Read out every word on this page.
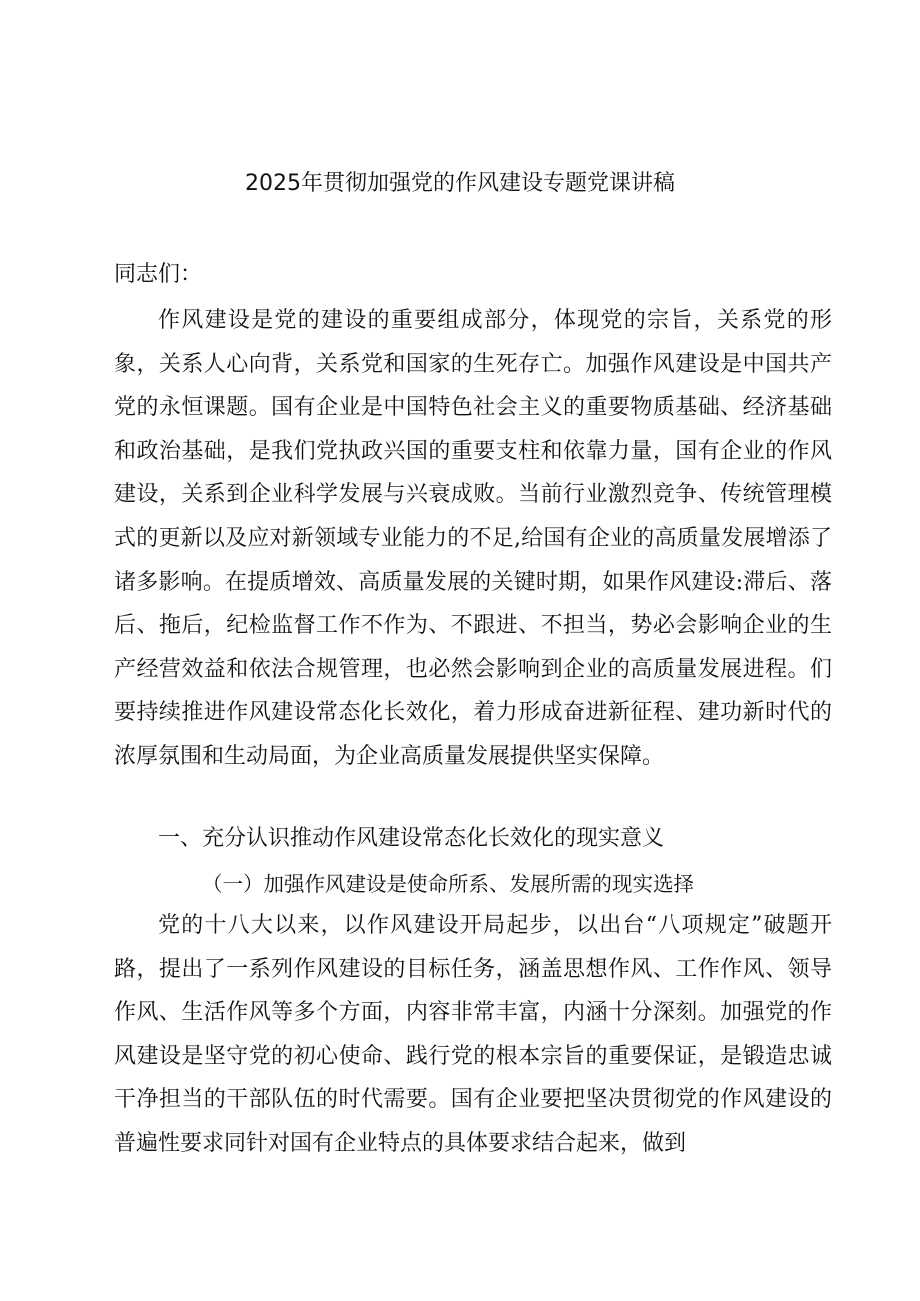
2025年贯彻加强党的作风建设专题党课讲稿

同志们：

作风建设是党的建设的重要组成部分，体现党的宗旨，关系党的形象，关系人心向背，关系党和国家的生死存亡。加强作风建设是中国共产党的永恒课题。国有企业是中国特色社会主义的重要物质基础、经济基础和政治基础，是我们党执政兴国的重要支柱和依靠力量，国有企业的作风建设，关系到企业科学发展与兴衰成败。当前行业激烈竞争、传统管理模式的更新以及应对新领域专业能力的不足,给国有企业的高质量发展增添了诸多影响。在提质增效、高质量发展的关键时期，如果作风建设:滞后、落后、拖后，纪检监督工作不作为、不跟进、不担当，势必会影响企业的生产经营效益和依法合规管理，也必然会影响到企业的高质量发展进程。们要持续推进作风建设常态化长效化，着力形成奋进新征程、建功新时代的浓厚氛围和生动局面，为企业高质量发展提供坚实保障。

一、充分认识推动作风建设常态化长效化的现实意义
（一）加强作风建设是使命所系、发展所需的现实选择

党的十八大以来，以作风建设开局起步，以出台“八项规定”破题开路，提出了一系列作风建设的目标任务，涵盖思想作风、工作作风、领导作风、生活作风等多个方面，内容非常丰富，内涵十分深刻。加强党的作风建设是坚守党的初心使命、践行党的根本宗旨的重要保证，是锻造忠诚干净担当的干部队伍的时代需要。国有企业要把坚决贯彻党的作风建设的普遍性要求同针对国有企业特点的具体要求结合起来，做到
